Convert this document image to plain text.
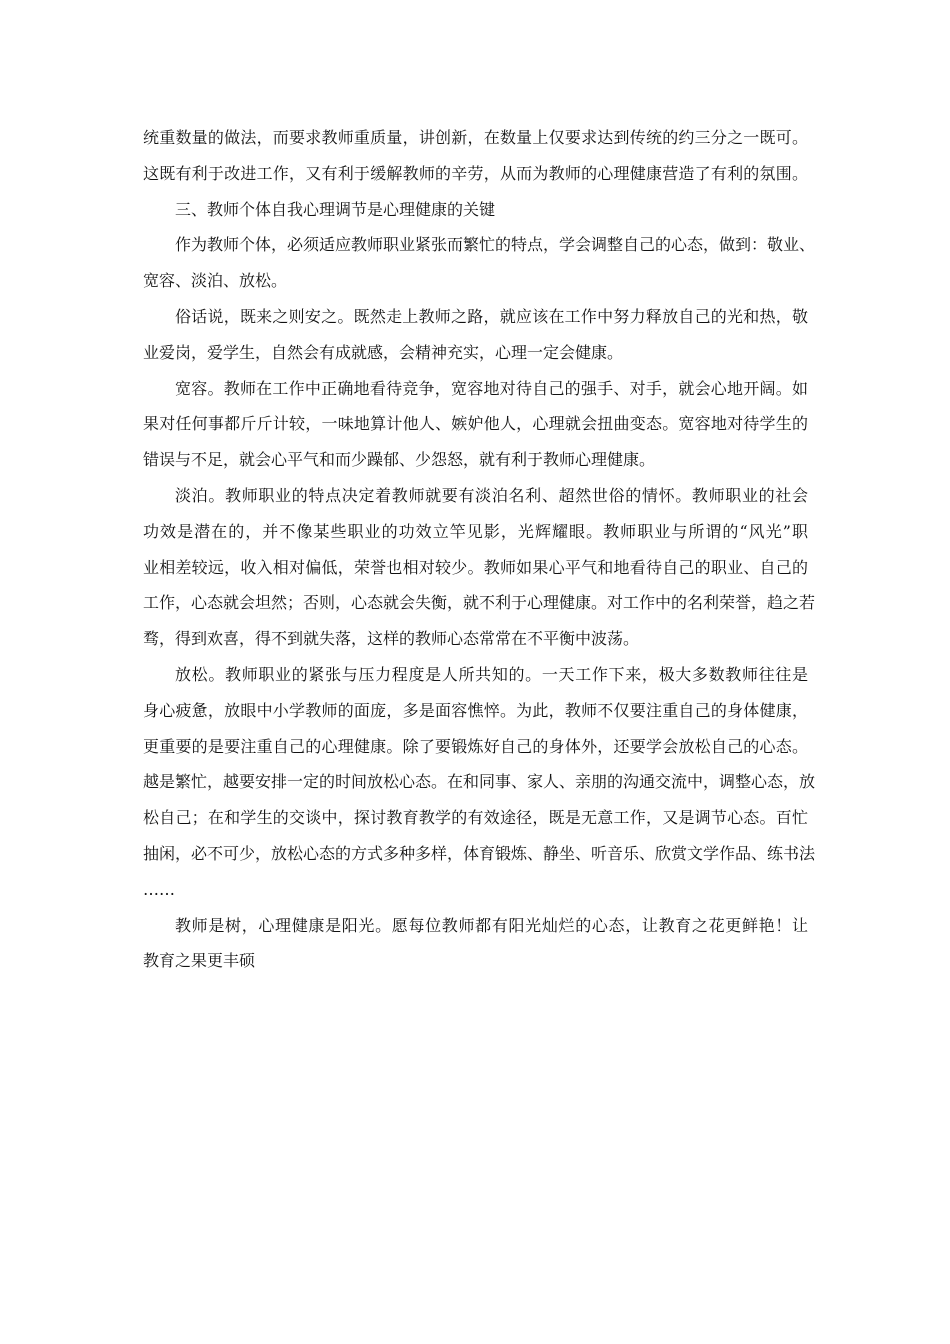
统重数量的做法，而要求教师重质量，讲创新，在数量上仅要求达到传统的约三分之一既可。
这既有利于改进工作，又有利于缓解教师的辛劳，从而为教师的心理健康营造了有利的氛围。
三、教师个体自我心理调节是心理健康的关键
作为教师个体，必须适应教师职业紧张而繁忙的特点，学会调整自己的心态，做到：敬业、
宽容、淡泊、放松。
俗话说，既来之则安之。既然走上教师之路，就应该在工作中努力释放自己的光和热，敬
业爱岗，爱学生，自然会有成就感，会精神充实，心理一定会健康。
宽容。教师在工作中正确地看待竞争，宽容地对待自己的强手、对手，就会心地开阔。如
果对任何事都斤斤计较，一味地算计他人、嫉妒他人，心理就会扭曲变态。宽容地对待学生的
错误与不足，就会心平气和而少躁郁、少怨怒，就有利于教师心理健康。
淡泊。教师职业的特点决定着教师就要有淡泊名利、超然世俗的情怀。教师职业的社会
功效是潜在的，并不像某些职业的功效立竿见影，光辉耀眼。教师职业与所谓的“风光”职
业相差较远，收入相对偏低，荣誉也相对较少。教师如果心平气和地看待自己的职业、自己的
工作，心态就会坦然；否则，心态就会失衡，就不利于心理健康。对工作中的名利荣誉，趋之若
骛，得到欢喜，得不到就失落，这样的教师心态常常在不平衡中波荡。
放松。教师职业的紧张与压力程度是人所共知的。一天工作下来，极大多数教师往往是
身心疲惫，放眼中小学教师的面庞，多是面容憔悴。为此，教师不仅要注重自己的身体健康，
更重要的是要注重自己的心理健康。除了要锻炼好自己的身体外，还要学会放松自己的心态。
越是繁忙，越要安排一定的时间放松心态。在和同事、家人、亲朋的沟通交流中，调整心态，放
松自己；在和学生的交谈中，探讨教育教学的有效途径，既是无意工作，又是调节心态。百忙
抽闲，必不可少，放松心态的方式多种多样，体育锻炼、静坐、听音乐、欣赏文学作品、练书法
……
教师是树，心理健康是阳光。愿每位教师都有阳光灿烂的心态，让教育之花更鲜艳！让
教育之果更丰硕
